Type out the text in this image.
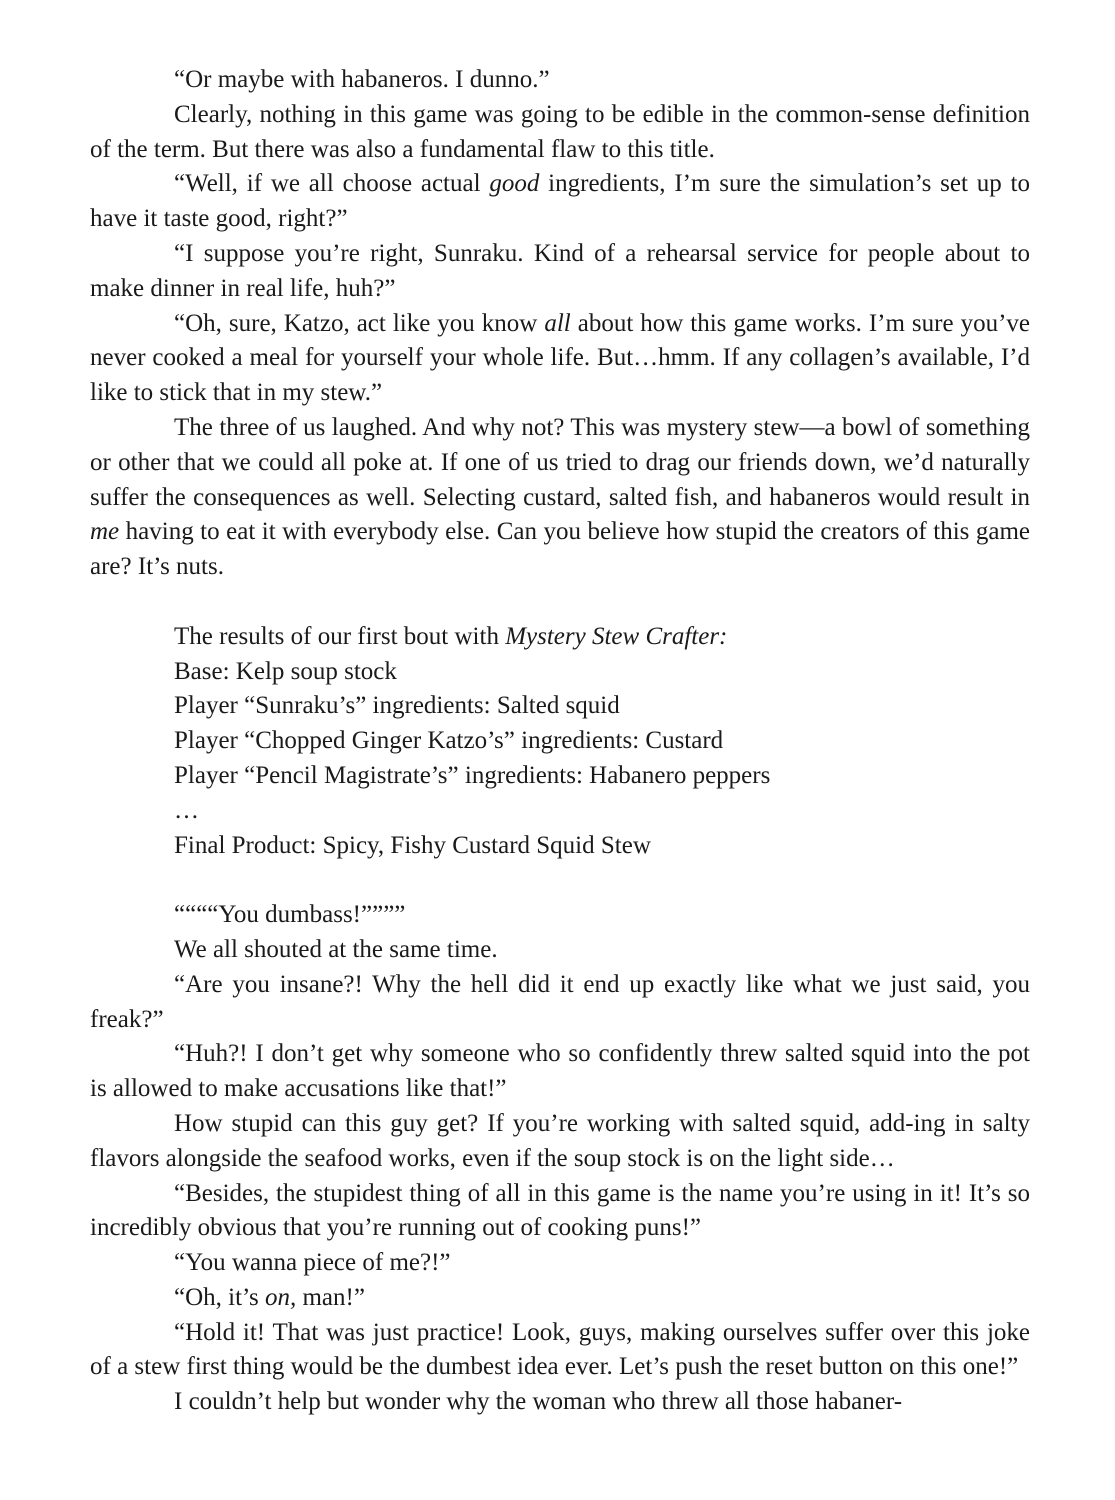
“Or maybe with habaneros. I dunno.”

Clearly, nothing in this game was going to be edible in the common-sense definition of the term. But there was also a fundamental flaw to this title.

“Well, if we all choose actual good ingredients, I’m sure the simulation’s set up to have it taste good, right?”

“I suppose you’re right, Sunraku. Kind of a rehearsal service for people about to make dinner in real life, huh?”

“Oh, sure, Katzo, act like you know all about how this game works. I’m sure you’ve never cooked a meal for yourself your whole life. But…hmm. If any collagen’s available, I’d like to stick that in my stew.”

The three of us laughed. And why not? This was mystery stew—a bowl of something or other that we could all poke at. If one of us tried to drag our friends down, we’d naturally suffer the consequences as well. Selecting custard, salted fish, and habaneros would result in me having to eat it with everybody else. Can you believe how stupid the creators of this game are? It’s nuts.

The results of our first bout with Mystery Stew Crafter:

Base: Kelp soup stock

Player “Sunraku’s” ingredients: Salted squid

Player “Chopped Ginger Katzo’s” ingredients: Custard

Player “Pencil Magistrate’s” ingredients: Habanero peppers

…

Final Product: Spicy, Fishy Custard Squid Stew

““““You dumbass!””””

We all shouted at the same time.

“Are you insane?! Why the hell did it end up exactly like what we just said, you freak?”

“Huh?! I don’t get why someone who so confidently threw salted squid into the pot is allowed to make accusations like that!”

How stupid can this guy get? If you’re working with salted squid, add-ing in salty flavors alongside the seafood works, even if the soup stock is on the light side…

“Besides, the stupidest thing of all in this game is the name you’re using in it! It’s so incredibly obvious that you’re running out of cooking puns!”

“You wanna piece of me?!”

“Oh, it’s on, man!”

“Hold it! That was just practice! Look, guys, making ourselves suffer over this joke of a stew first thing would be the dumbest idea ever. Let’s push the reset button on this one!”

I couldn’t help but wonder why the woman who threw all those habaner-
